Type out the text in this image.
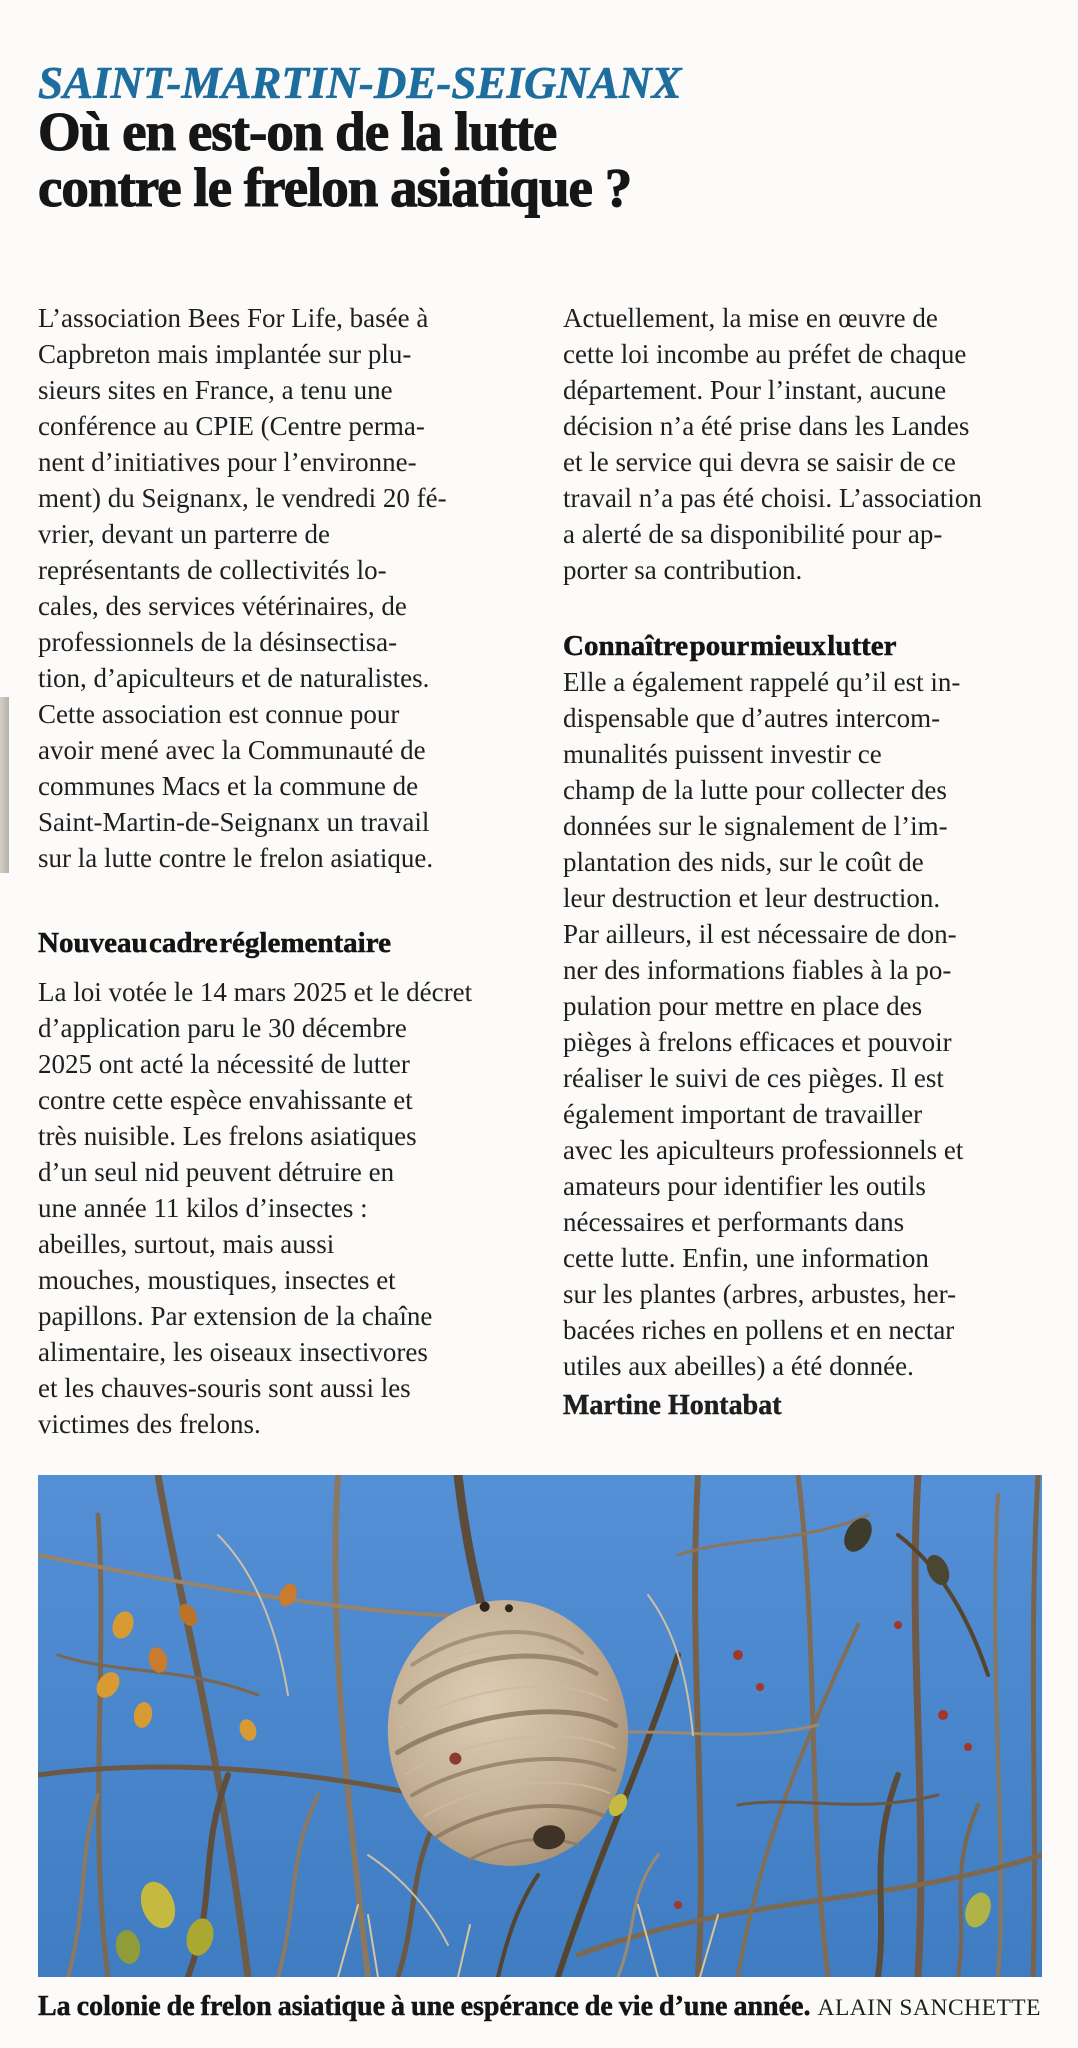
SAINT-MARTIN-DE-SEIGNANX
Où en est-on de la lutte
contre le frelon asiatique ?
L’association Bees For Life, basée à
Capbreton mais implantée sur plu-
sieurs sites en France, a tenu une
conférence au CPIE (Centre perma-
nent d’initiatives pour l’environne-
ment) du Seignanx, le vendredi 20 fé-
vrier, devant un parterre de
représentants de collectivités lo-
cales, des services vétérinaires, de
professionnels de la désinsectisa-
tion, d’apiculteurs et de naturalistes.
Cette association est connue pour
avoir mené avec la Communauté de
communes Macs et la commune de
Saint-Martin-de-Seignanx un travail
sur la lutte contre le frelon asiatique.
Nouveau cadre réglementaire
La loi votée le 14 mars 2025 et le décret
d’application paru le 30 décembre
2025 ont acté la nécessité de lutter
contre cette espèce envahissante et
très nuisible. Les frelons asiatiques
d’un seul nid peuvent détruire en
une année 11 kilos d’insectes :
abeilles, surtout, mais aussi
mouches, moustiques, insectes et
papillons. Par extension de la chaîne
alimentaire, les oiseaux insectivores
et les chauves-souris sont aussi les
victimes des frelons.
Actuellement, la mise en œuvre de
cette loi incombe au préfet de chaque
département. Pour l’instant, aucune
décision n’a été prise dans les Landes
et le service qui devra se saisir de ce
travail n’a pas été choisi. L’association
a alerté de sa disponibilité pour ap-
porter sa contribution.
Connaître pour mieux lutter
Elle a également rappelé qu’il est in-
dispensable que d’autres intercom-
munalités puissent investir ce
champ de la lutte pour collecter des
données sur le signalement de l’im-
plantation des nids, sur le coût de
leur destruction et leur destruction.
Par ailleurs, il est nécessaire de don-
ner des informations fiables à la po-
pulation pour mettre en place des
pièges à frelons efficaces et pouvoir
réaliser le suivi de ces pièges. Il est
également important de travailler
avec les apiculteurs professionnels et
amateurs pour identifier les outils
nécessaires et performants dans
cette lutte. Enfin, une information
sur les plantes (arbres, arbustes, her-
bacées riches en pollens et en nectar
utiles aux abeilles) a été donnée.
Martine Hontabat
La colonie de frelon asiatique à une espérance de vie d’une année. ALAIN SANCHETTE
